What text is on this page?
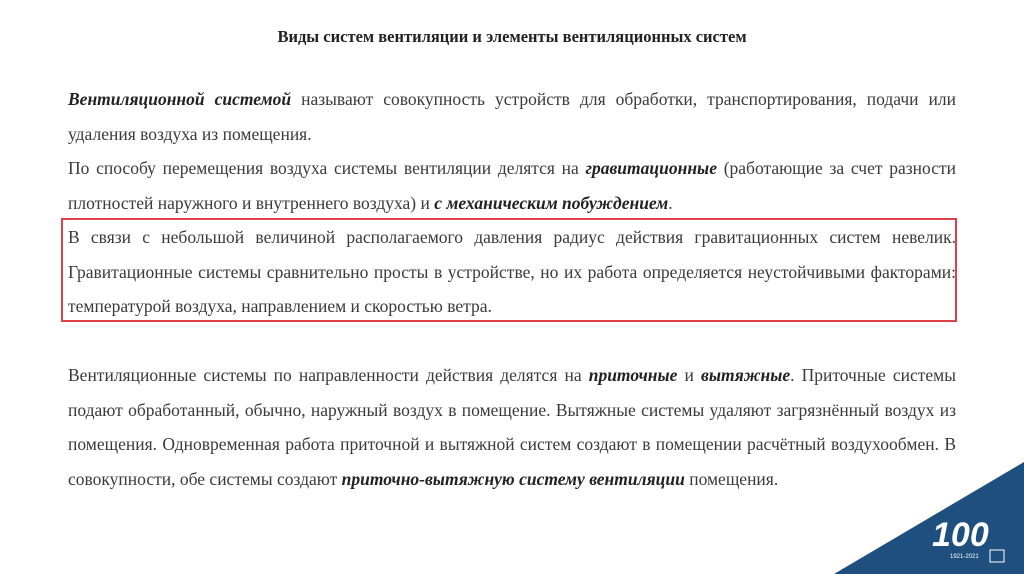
Виды систем вентиляции и элементы вентиляционных систем
Вентиляционной системой называют совокупность устройств для обработки, транспортирования, подачи или удаления воздуха из помещения.
По способу перемещения воздуха системы вентиляции делятся на гравитационные (работающие за счет разности плотностей наружного и внутреннего воздуха) и с механическим побуждением.
В связи с небольшой величиной располагаемого давления радиус действия гравитационных систем невелик. Гравитационные системы сравнительно просты в устройстве, но их работа определяется неустойчивыми факторами: температурой воздуха, направлением и скоростью ветра.
Вентиляционные системы по направленности действия делятся на приточные и вытяжные. Приточные системы подают обработанный, обычно, наружный воздух в помещение. Вытяжные системы удаляют загрязнённый воздух из помещения. Одновременная работа приточной и вытяжной систем создают в помещении расчётный воздухообмен. В совокупности, обе системы создают приточно-вытяжную систему вентиляции помещения.
100
1921-2021
